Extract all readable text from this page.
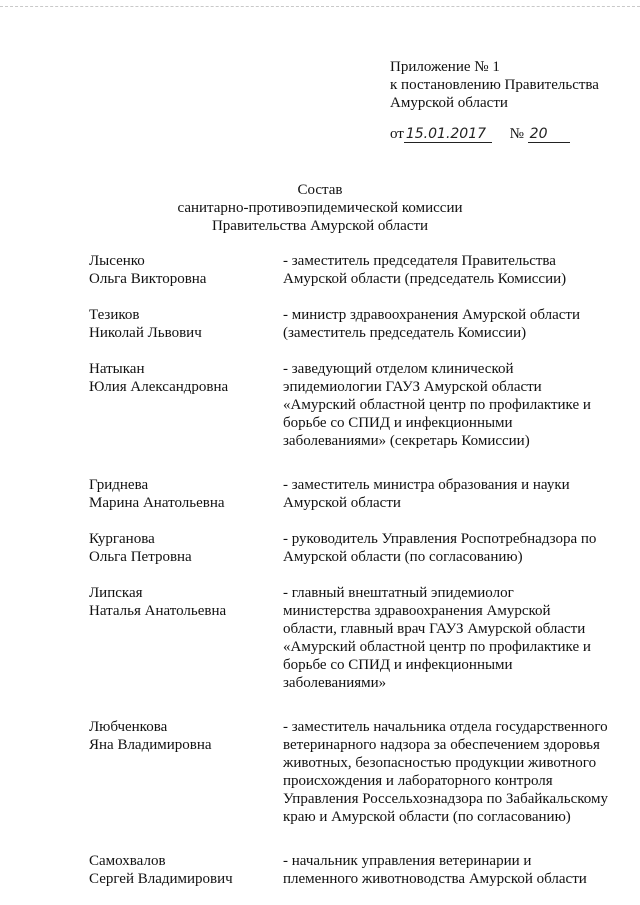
Приложение № 1
к постановлению Правительства
Амурской области
от 15.01.2017 № 20
Состав
санитарно-противоэпидемической комиссии
Правительства Амурской области
Лысенко
Ольга Викторовна
- заместитель председателя Правительства
Амурской области (председатель Комиссии)
Тезиков
Николай Львович
- министр здравоохранения Амурской области
(заместитель председатель Комиссии)
Натыкан
Юлия Александровна
- заведующий отделом клинической
эпидемиологии ГАУЗ Амурской области
«Амурский областной центр по профилактике и
борьбе со СПИД и инфекционными
заболеваниями» (секретарь Комиссии)
Гриднева
Марина Анатольевна
- заместитель министра образования и науки
Амурской области
Курганова
Ольга Петровна
- руководитель Управления Роспотребнадзора по
Амурской области (по согласованию)
Липская
Наталья Анатольевна
- главный внештатный эпидемиолог
министерства здравоохранения Амурской
области, главный врач ГАУЗ Амурской области
«Амурский областной центр по профилактике и
борьбе со СПИД и инфекционными
заболеваниями»
Любченкова
Яна Владимировна
- заместитель начальника отдела государственного
ветеринарного надзора за обеспечением здоровья
животных, безопасностью продукции животного
происхождения и лабораторного контроля
Управления Россельхознадзора по Забайкальскому
краю и Амурской области (по согласованию)
Самохвалов
Сергей Владимирович
- начальник управления ветеринарии и
племенного животноводства Амурской области
